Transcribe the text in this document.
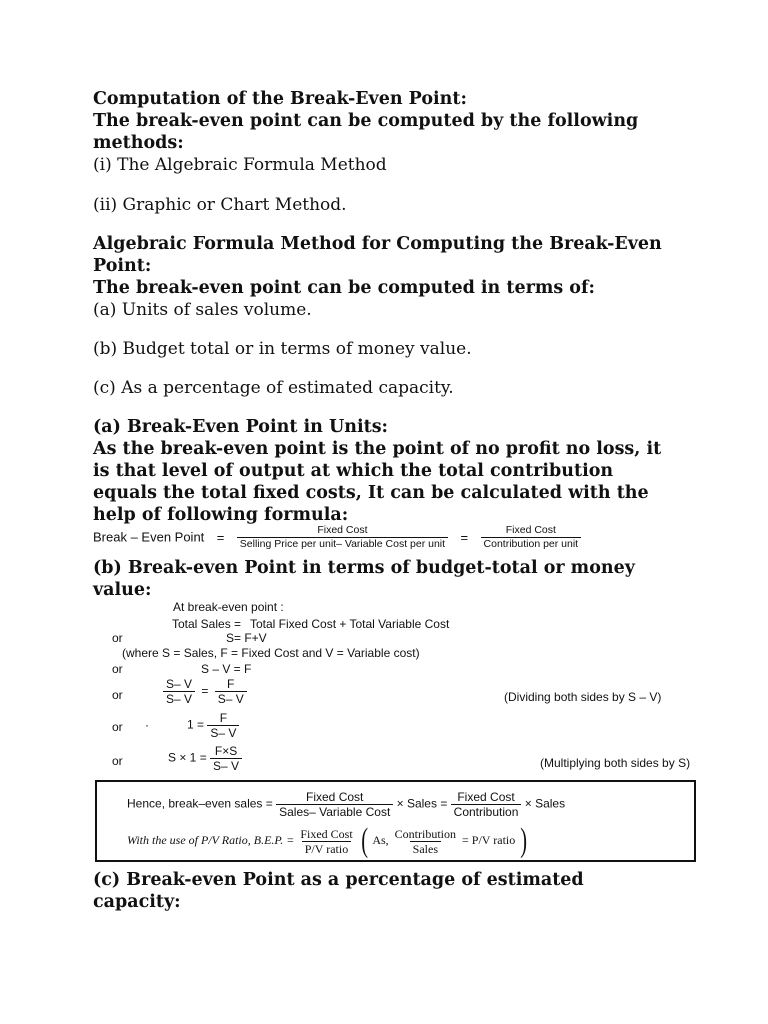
Computation of the Break-Even Point:
The break-even point can be computed by the following
methods:
(i) The Algebraic Formula Method
(ii) Graphic or Chart Method.
Algebraic Formula Method for Computing the Break-Even
Point:
The break-even point can be computed in terms of:
(a) Units of sales volume.
(b) Budget total or in terms of money value.
(c) As a percentage of estimated capacity.
(a) Break-Even Point in Units:
As the break-even point is the point of no profit no loss, it
is that level of output at which the total contribution
equals the total fixed costs, It can be calculated with the
help of following formula:
Break – Even Point = $\frac{\text{Fixed Cost}}{\text{Selling Price per unit– Variable Cost per unit}} = \frac{\text{Fixed Cost}}{\text{Contribution per unit}}$
(b) Break-even Point in terms of budget-total or money
value:
At break-even point :
Total Sales = Total Fixed Cost + Total Variable Cost
or	S= F+V
(where S = Sales, F = Fixed Cost and V = Variable cost)
or	S – V = F
or	$\frac{S- V}{S- V} = \frac{F}{S- V}$	(Dividing both sides by S – V)
or ·	$1 = \frac{F}{S- V}$
or	$S \times 1 = \frac{F\times S}{S- V}$	(Multiplying both sides by S)
Hence, break–even sales = $\frac{\text{Fixed Cost}}{\text{Sales– Variable Cost}}$ × Sales = $\frac{\text{Fixed Cost}}{\text{Contribution}}$ × Sales
With the use of P/V Ratio, B.E.P. = $\frac{\text{Fixed Cost}}{\text{P/V ratio}}$ ( As, $\frac{\text{Contribution}}{\text{Sales}} = P/V$ ratio )
(c) Break-even Point as a percentage of estimated
capacity:
